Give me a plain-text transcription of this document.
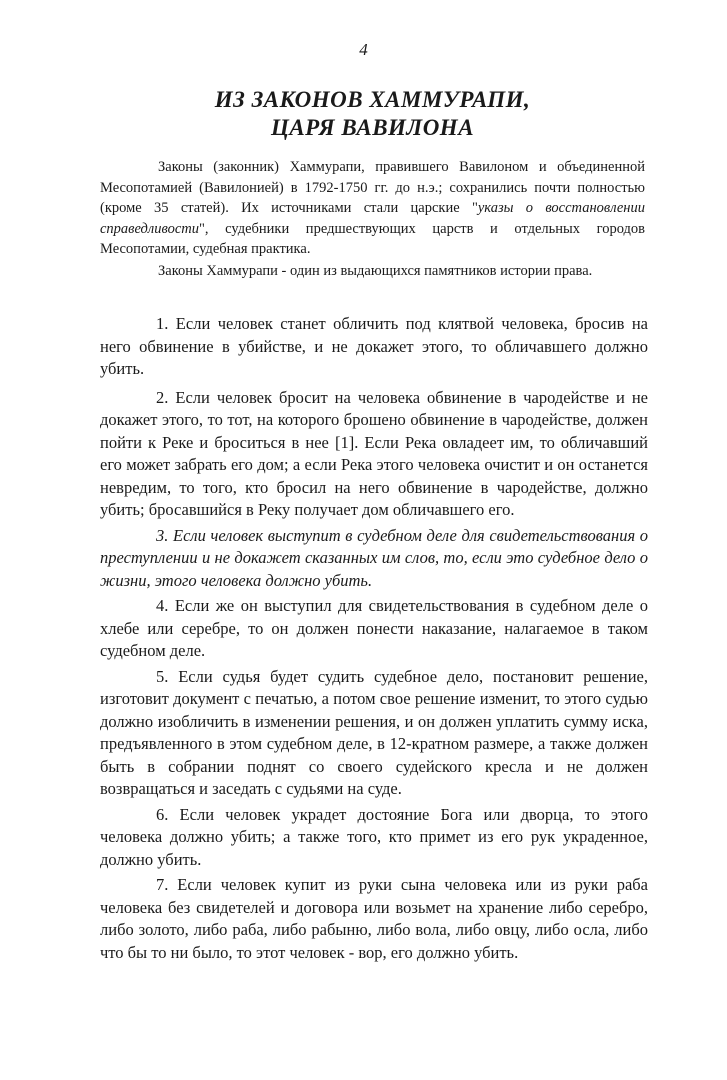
4
ИЗ ЗАКОНОВ ХАММУРАПИ,
ЦАРЯ ВАВИЛОНА

Законы (законник) Хаммурапи, правившего Вавилоном и объединенной Месопотамией (Вавилонией) в 1792-1750 гг. до н.э.; сохранились почти полностью (кроме 35 статей). Их источниками стали царские "указы о восстановлении справедливости", судебники предшествующих царств и отдельных городов Месопотамии, судебная практика.

Законы Хаммурапи - один из выдающихся памятников истории права.

1. Если человек станет обличить под клятвой человека, бросив на него обвинение в убийстве, и не докажет этого, то обличавшего должно убить.

2. Если человек бросит на человека обвинение в чародействе и не докажет этого, то тот, на которого брошено обвинение в чародействе, должен пойти к Реке и броситься в нее [1]. Если Река овладеет им, то обличавший его может забрать его дом; а если Река этого человека очистит и он останется невредим, то того, кто бросил на него обвинение в чародействе, должно убить; бросавшийся в Реку получает дом обличавшего его.

3. Если человек выступит в судебном деле для свидетельствования о преступлении и не докажет сказанных им слов, то, если это судебное дело о жизни, этого человека должно убить.

4. Если же он выступил для свидетельствования в судебном деле о хлебе или серебре, то он должен понести наказание, налагаемое в таком судебном деле.

5. Если судья будет судить судебное дело, постановит решение, изготовит документ с печатью, а потом свое решение изменит, то этого судью должно изобличить в изменении решения, и он должен уплатить сумму иска, предъявленного в этом судебном деле, в 12-кратном размере, а также должен быть в собрании поднят со своего судейского кресла и не должен возвращаться и заседать с судьями на суде.

6. Если человек украдет достояние Бога или дворца, то этого человека должно убить; а также того, кто примет из его рук украденное, должно убить.

7. Если человек купит из руки сына человека или из руки раба человека без свидетелей и договора или возьмет на хранение либо серебро, либо золото, либо раба, либо рабыню, либо вола, либо овцу, либо осла, либо что бы то ни было, то этот человек - вор, его должно убить.
